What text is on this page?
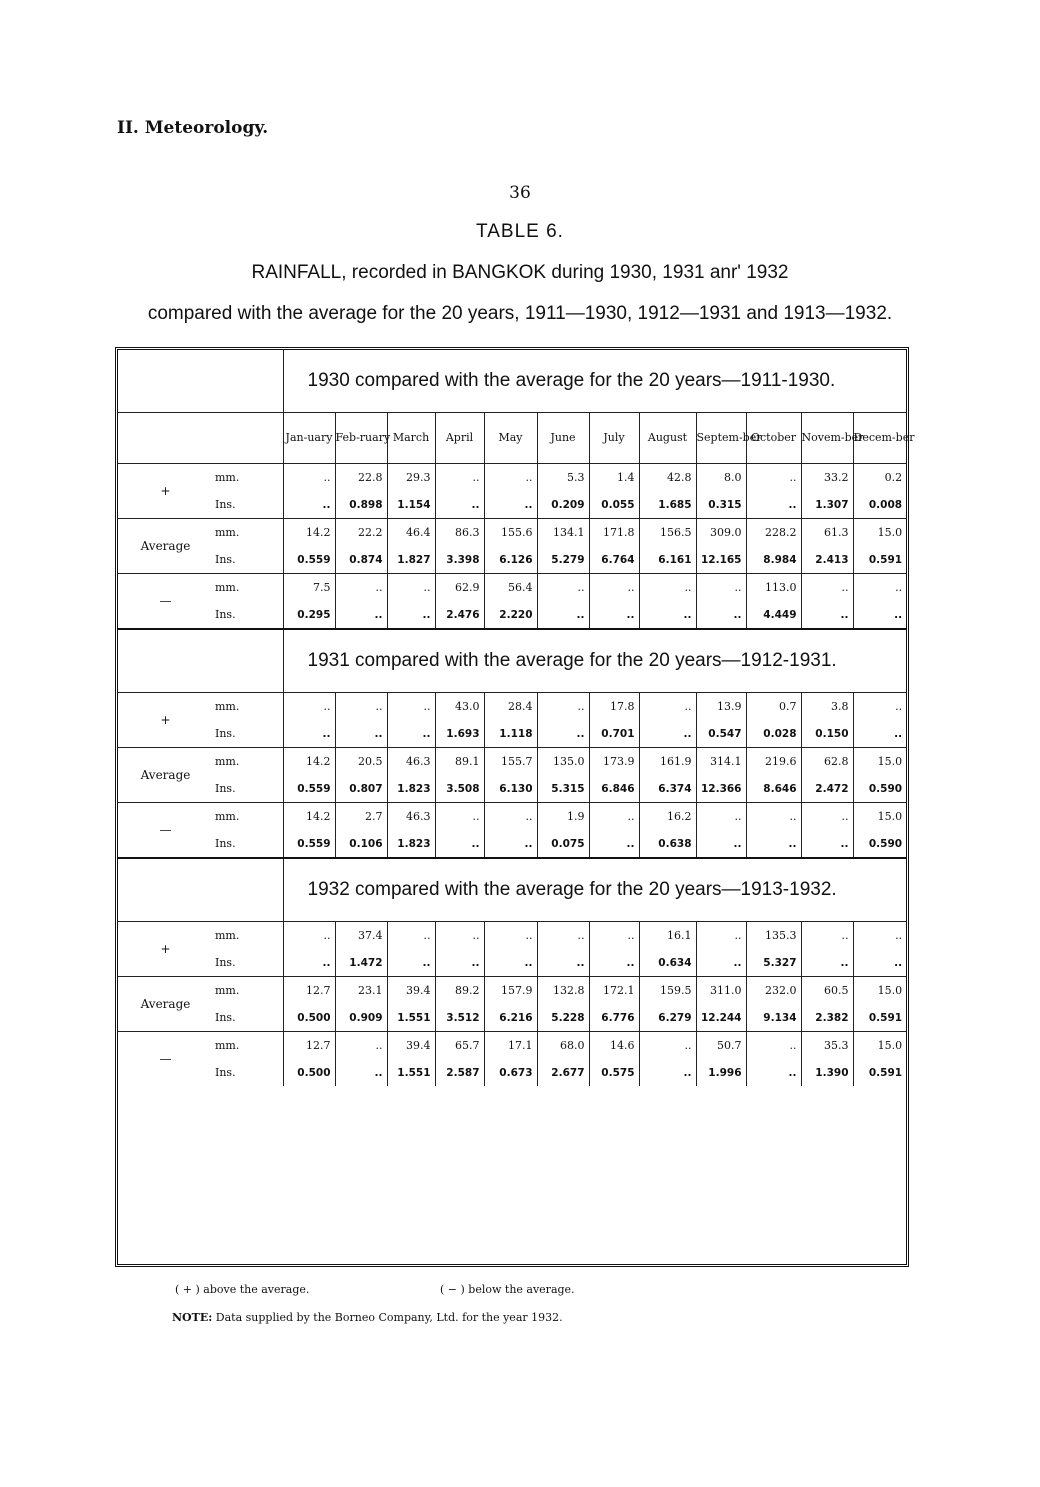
II. Meteorology.
36
TABLE 6.
RAINFALL, recorded in BANGKOK during 1930, 1931 anr' 1932
compared with the average for the 20 years, 1911—1930, 1912—1931 and 1913—1932.
		1930 compared with the average for the 20 years—1911-1930.											
		Jan-uary	Feb-ruary	March	April	May	June	July	August	Septem-ber	October	Novem-ber	Decem-ber
+	mm.	..	22.8	29.3	..	..	5.3	1.4	42.8	8.0	..	33.2	0.2
	Ins.	..	0.898	1.154	..	..	0.209	0.055	1.685	0.315	..	1.307	0.008
Average	mm.	14.2	22.2	46.4	86.3	155.6	134.1	171.8	156.5	309.0	228.2	61.3	15.0
	Ins.	0.559	0.874	1.827	3.398	6.126	5.279	6.764	6.161	12.165	8.984	2.413	0.591
—	mm.	7.5	..	..	62.9	56.4	..	..	..	..	113.0	..	..
	Ins.	0.295	..	..	2.476	2.220	..	..	..	..	4.449	..	..
		1931 compared with the average for the 20 years—1912-1931.											
+	mm.	..	..	..	43.0	28.4	..	17.8	..	13.9	0.7	3.8	..
	Ins.	..	..	..	1.693	1.118	..	0.701	..	0.547	0.028	0.150	..
Average	mm.	14.2	20.5	46.3	89.1	155.7	135.0	173.9	161.9	314.1	219.6	62.8	15.0
	Ins.	0.559	0.807	1.823	3.508	6.130	5.315	6.846	6.374	12.366	8.646	2.472	0.590
—	mm.	14.2	2.7	46.3	..	..	1.9	..	16.2	..	..	..	15.0
	Ins.	0.559	0.106	1.823	..	..	0.075	..	0.638	..	..	..	0.590
		1932 compared with the average for the 20 years—1913-1932.											
+	mm.	..	37.4	..	..	..	..	..	16.1	..	135.3	..	..
	Ins.	..	1.472	..	..	..	..	..	0.634	..	5.327	..	..
Average	mm.	12.7	23.1	39.4	89.2	157.9	132.8	172.1	159.5	311.0	232.0	60.5	15.0
	Ins.	0.500	0.909	1.551	3.512	6.216	5.228	6.776	6.279	12.244	9.134	2.382	0.591
—	mm.	12.7	..	39.4	65.7	17.1	68.0	14.6	..	50.7	..	35.3	15.0
	Ins.	0.500	..	1.551	2.587	0.673	2.677	0.575	..	1.996	..	1.390	0.591
( + ) above the average.	( − ) below the average.
NOTE: Data supplied by the Borneo Company, Ltd. for the year 1932.
